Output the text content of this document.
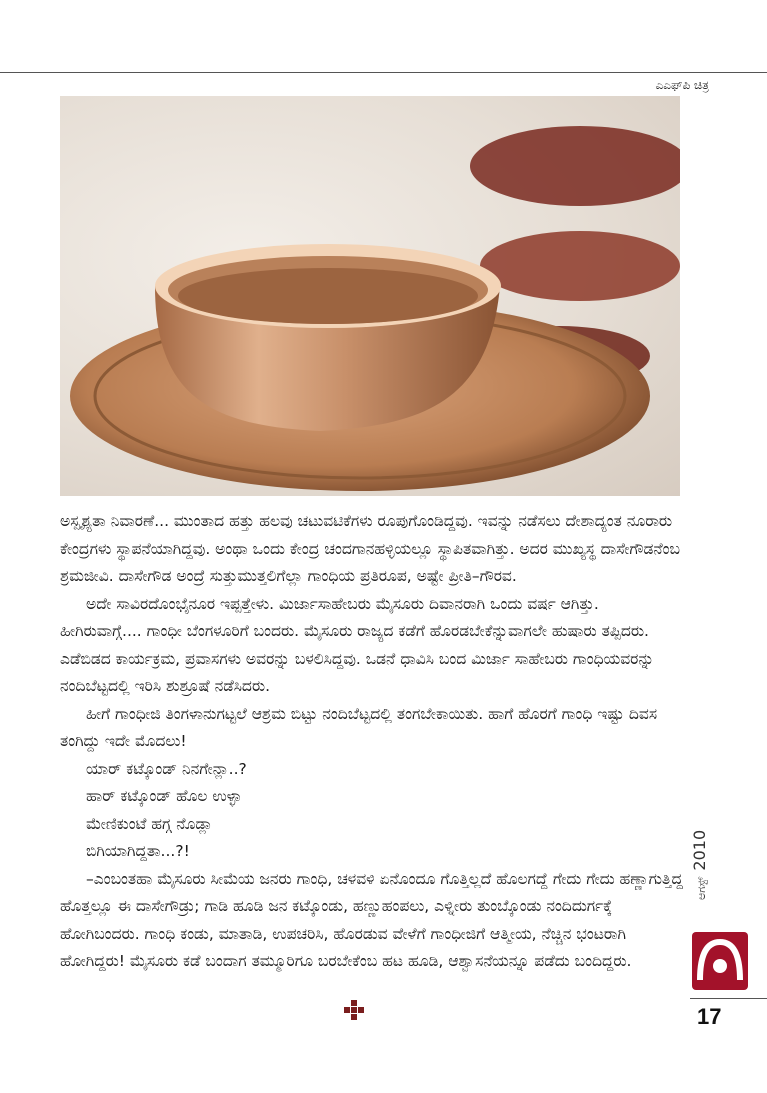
ಎಎಫ್‌ಪಿ ಚಿತ್ರ

ಅಸ್ಪೃಶ್ಯತಾ ನಿವಾರಣೆ... ಮುಂತಾದ ಹತ್ತು ಹಲವು ಚಟುವಟಿಕೆಗಳು ರೂಪುಗೊಂಡಿದ್ದವು. ಇವನ್ನು ನಡೆಸಲು ದೇಶಾದ್ಯಂತ ನೂರಾರು ಕೇಂದ್ರಗಳು ಸ್ಥಾಪನೆಯಾಗಿದ್ದವು. ಅಂಥಾ ಒಂದು ಕೇಂದ್ರ ಚಂದಗಾನಹಳ್ಳಿಯಲ್ಲೂ ಸ್ಥಾಪಿತವಾಗಿತ್ತು. ಅದರ ಮುಖ್ಯಸ್ಥ ದಾಸೇಗೌಡನೆಂಬ ಶ್ರಮಜೀವಿ. ದಾಸೇಗೌಡ ಅಂದ್ರೆ ಸುತ್ತುಮುತ್ತಲಿಗೆಲ್ಲಾ ಗಾಂಧಿಯ ಪ್ರತಿರೂಪ, ಅಷ್ಟೇ ಪ್ರೀತಿ–ಗೌರವ.

ಅದೇ ಸಾವಿರದೊಂಭೈನೂರ ಇಪ್ಪತ್ತೇಳು. ಮಿರ್ಜಾಸಾಹೇಬರು ಮೈಸೂರು ದಿವಾನರಾಗಿ ಒಂದು ವರ್ಷ ಆಗಿತ್ತು. ಹೀಗಿರುವಾಗ್ಗೆ.... ಗಾಂಧೀ ಬೆಂಗಳೂರಿಗೆ ಬಂದರು. ಮೈಸೂರು ರಾಜ್ಯದ ಕಡೆಗೆ ಹೊರಡಬೇಕೆನ್ನುವಾಗಲೇ ಹುಷಾರು ತಪ್ಪಿದರು. ಎಡೆಬಿಡದ ಕಾರ್ಯಕ್ರಮ, ಪ್ರವಾಸಗಳು ಅವರನ್ನು ಬಳಲಿಸಿದ್ದವು. ಒಡನೆ ಧಾವಿಸಿ ಬಂದ ಮಿರ್ಜಾ ಸಾಹೇಬರು ಗಾಂಧಿಯವರನ್ನು ನಂದಿಬೆಟ್ಟದಲ್ಲಿ ಇರಿಸಿ ಶುಶ್ರೂಷೆ ನಡೆಸಿದರು.

ಹೀಗೆ ಗಾಂಧೀಜಿ ತಿಂಗಳಾನುಗಟ್ಟಲೆ ಆಶ್ರಮ ಬಿಟ್ಟು ನಂದಿಬೆಟ್ಟದಲ್ಲಿ ತಂಗಬೇಕಾಯಿತು. ಹಾಗೆ ಹೊರಗೆ ಗಾಂಧಿ ಇಷ್ಟು ದಿವಸ ತಂಗಿದ್ದು ಇದೇ ಮೊದಲು!

ಯಾರ್ ಕಟ್ಕೊಂಡ್ ನಿನಗೇನ್ಲಾ..?

ಹಾರ್ ಕಟ್ಕೊಂಡ್ ಹೊಲ ಉಳ್ಳಾ

ಮೇಣಿಕುಂಟೆ ಹಗ್ಗ ನೊಡ್ಲಾ

ಬಿಗಿಯಾಗಿದ್ದತಾ...?!

–ಎಂಬಂತಹಾ ಮೈಸೂರು ಸೀಮೆಯ ಜನರು ಗಾಂಧಿ, ಚಳವಳಿ ಏನೊಂದೂ ಗೊತ್ತಿಲ್ಲದೆ ಹೊಲಗದ್ದೆ ಗೇದು ಗೇದು ಹಣ್ಣಾಗುತ್ತಿದ್ದ ಹೊತ್ತಲ್ಲೂ ಈ ದಾಸೇಗೌಡ್ರು; ಗಾಡಿ ಹೂಡಿ ಜನ ಕಟ್ಕೊಂಡು, ಹಣ್ಣುಹಂಪಲು, ಎಳ್ನೀರು ತುಂಬ್ಕೊಂಡು ನಂದಿದುರ್ಗಕ್ಕೆ ಹೋಗಿಬಂದರು. ಗಾಂಧಿ ಕಂಡು, ಮಾತಾಡಿ, ಉಪಚರಿಸಿ, ಹೊರಡುವ ವೇಳೆಗೆ ಗಾಂಧೀಜಿಗೆ ಆತ್ಮೀಯ, ನೆಚ್ಚಿನ ಭಂಟರಾಗಿ ಹೋಗಿದ್ದರು! ಮೈಸೂರು ಕಡೆ ಬಂದಾಗ ತಮ್ಮೂರಿಗೂ ಬರಬೇಕೆಂಬ ಹಟ ಹೂಡಿ, ಆಶ್ವಾಸನೆಯನ್ನೂ ಪಡೆದು ಬಂದಿದ್ದರು.

ಆಗಸ್ಟ್2010
17
